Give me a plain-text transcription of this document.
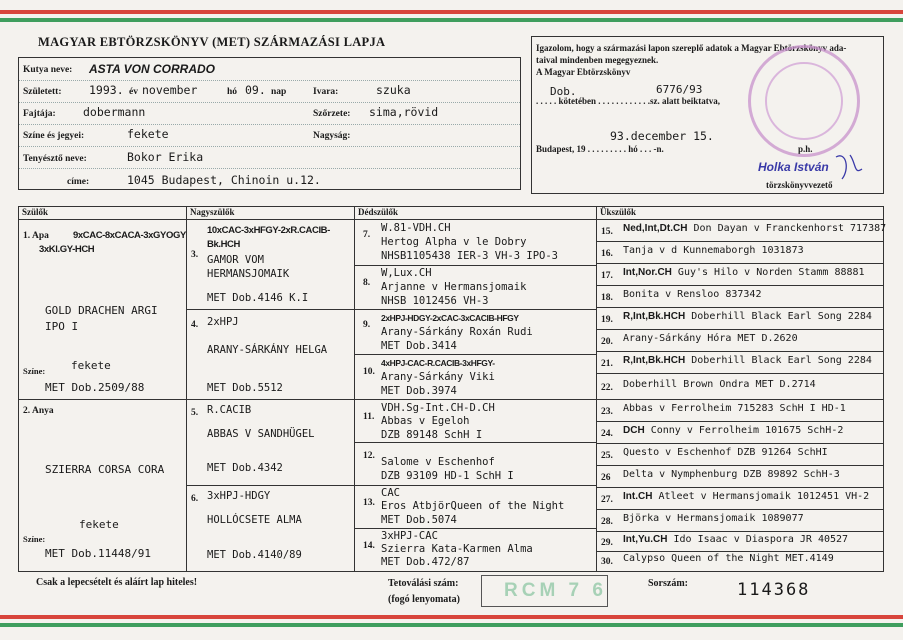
MAGYAR EBTÖRZSKÖNYV (MET) SZÁRMAZÁSI LAPJA
Kutya neve: ASTA VON CORRADO
Született: 1993. év november	hó 09. nap	Ivara:	szuka
Fajtája: dobermann	Szőrzete: sima,rövid
Színe és jegyei:	fekete	Nagyság:
Tenyésztő neve:	Bokor Erika
címe:	1045 Budapest, Chinoin u.12.
Igazolom, hogy a származási lapon szereplő adatok a Magyar Ebtörzskönyv ada-
taival mindenben megegyeznek.
A Magyar Ebtörzskönyv
Dob.	6776/93
. . . . . kötetében . . . . . . . . . . . .sz. alatt beiktatva,
93.december 15.
Budapest, 19 . . . . . . . . . hó . . . -n.	p.h.
Holka István
törzskönyvvezető
Szülők
1. Apa	9xCAC-8xCACA-3xGYOGY
3xKl.GY-HCH
GOLD DRACHEN ARGI
IPO I
fekete
Színe:
MET Dob.2509/88
2. Anya
SZIERRA CORSA CORA
fekete
Színe:
MET Dob.11448/91
Nagyszülők
3.
10xCAC-3xHFGY-2xR.CACIB-
Bk.HCH
GAMOR VOM
HERMANSJOMAIK
MET Dob.4146 K.I
4. 2xHPJ
ARANY-SÁRKÁNY HELGA
MET Dob.5512
5. R.CACIB
ABBAS V SANDHÜGEL
MET Dob.4342
6. 3xHPJ-HDGY
HOLLÓCSETE ALMA
MET Dob.4140/89
Dédszülők
7.
W.81-VDH.CH
Hertog Alpha v le Dobry
NHSB1105438 IER-3 VH-3 IPO-3
8.
W,Lux.CH
Arjanne v Hermansjomaik
NHSB 1012456 VH-3
9.
2xHPJ-HDGY-2xCAC-3xCACIB-HFGY
Arany-Sárkány Roxán Rudi
MET Dob.3414
10.
4xHPJ-CAC-R.CACIB-3xHFGY-
Arany-Sárkány Viki
MET Dob.3974
11.
VDH.Sg-Int.CH-D.CH
Abbas v Egeloh
DZB 89148 SchH I
12. Salome v Eschenhof
DZB 93109 HD-1 SchH I
13.
CAC
Eros AtbjörQueen of the Night
MET Dob.5074
14.
3xHPJ-CAC
Szierra Kata-Karmen Alma
MET Dob.472/87
Ükszülők
15. Ned,Int,Dt.CH Don Dayan v Franckenhorst 717387
16. Tanja v d Kunnemaborgh 1031873
17. Int,Nor.CH Guy's Hilo v Norden Stamm 88881
18. Bonita v Rensloo 837342
19. R,Int,Bk.HCH Doberhill Black Earl Song 2284
20. Arany-Sárkány Hóra MET D.2620
21. R,Int,Bk.HCH Doberhill Black Earl Song 2284
22. Doberhill Brown Ondra MET D.2714
23. Abbas v Ferrolheim 715283 SchH I HD-1
24. DCH Conny v Ferrolheim 101675 SchH-2
25. Questo v Eschenhof DZB 91264 SchHI
26 Delta v Nymphenburg DZB 89892 SchH-3
27. Int.CH Atleet v Hermansjomaik 1012451 VH-2
28. Björka v Hermansjomaik 1089077
29. Int,Yu.CH Ido Isaac v Diaspora JR 40527
30. Calypso Queen of the Night MET.4149
Csak a lepecsételt és aláírt lap hiteles!	Tetoválási szám:
(fogó lenyomata) RCM 7 6	Sorszám:	114368
